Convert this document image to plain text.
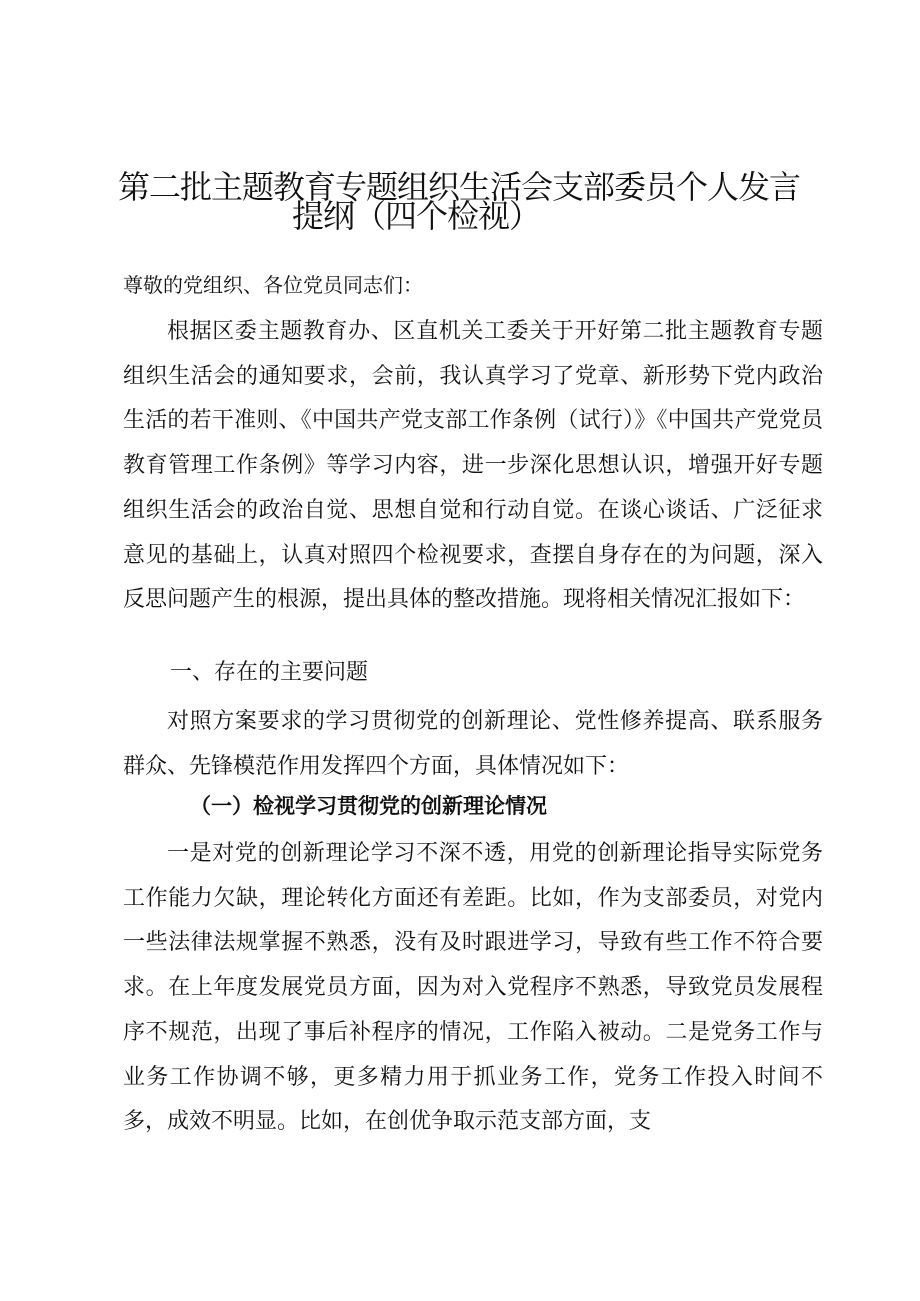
第二批主题教育专题组织生活会支部委员个人发言
提纲（四个检视）
尊敬的党组织、各位党员同志们：

根据区委主题教育办、区直机关工委关于开好第二批主题教育专题组织生活会的通知要求，会前，我认真学习了党章、新形势下党内政治生活的若干准则、《中国共产党支部工作条例（试行）》《中国共产党党员教育管理工作条例》等学习内容，进一步深化思想认识，增强开好专题组织生活会的政治自觉、思想自觉和行动自觉。在谈心谈话、广泛征求意见的基础上，认真对照四个检视要求，查摆自身存在的为问题，深入反思问题产生的根源，提出具体的整改措施。现将相关情况汇报如下：

一、存在的主要问题

对照方案要求的学习贯彻党的创新理论、党性修养提高、联系服务群众、先锋模范作用发挥四个方面，具体情况如下：

（一）检视学习贯彻党的创新理论情况

一是对党的创新理论学习不深不透，用党的创新理论指导实际党务工作能力欠缺，理论转化方面还有差距。比如，作为支部委员，对党内一些法律法规掌握不熟悉，没有及时跟进学习，导致有些工作不符合要求。在上年度发展党员方面，因为对入党程序不熟悉，导致党员发展程序不规范，出现了事后补程序的情况，工作陷入被动。二是党务工作与业务工作协调不够，更多精力用于抓业务工作，党务工作投入时间不多，成效不明显。比如，在创优争取示范支部方面，支
